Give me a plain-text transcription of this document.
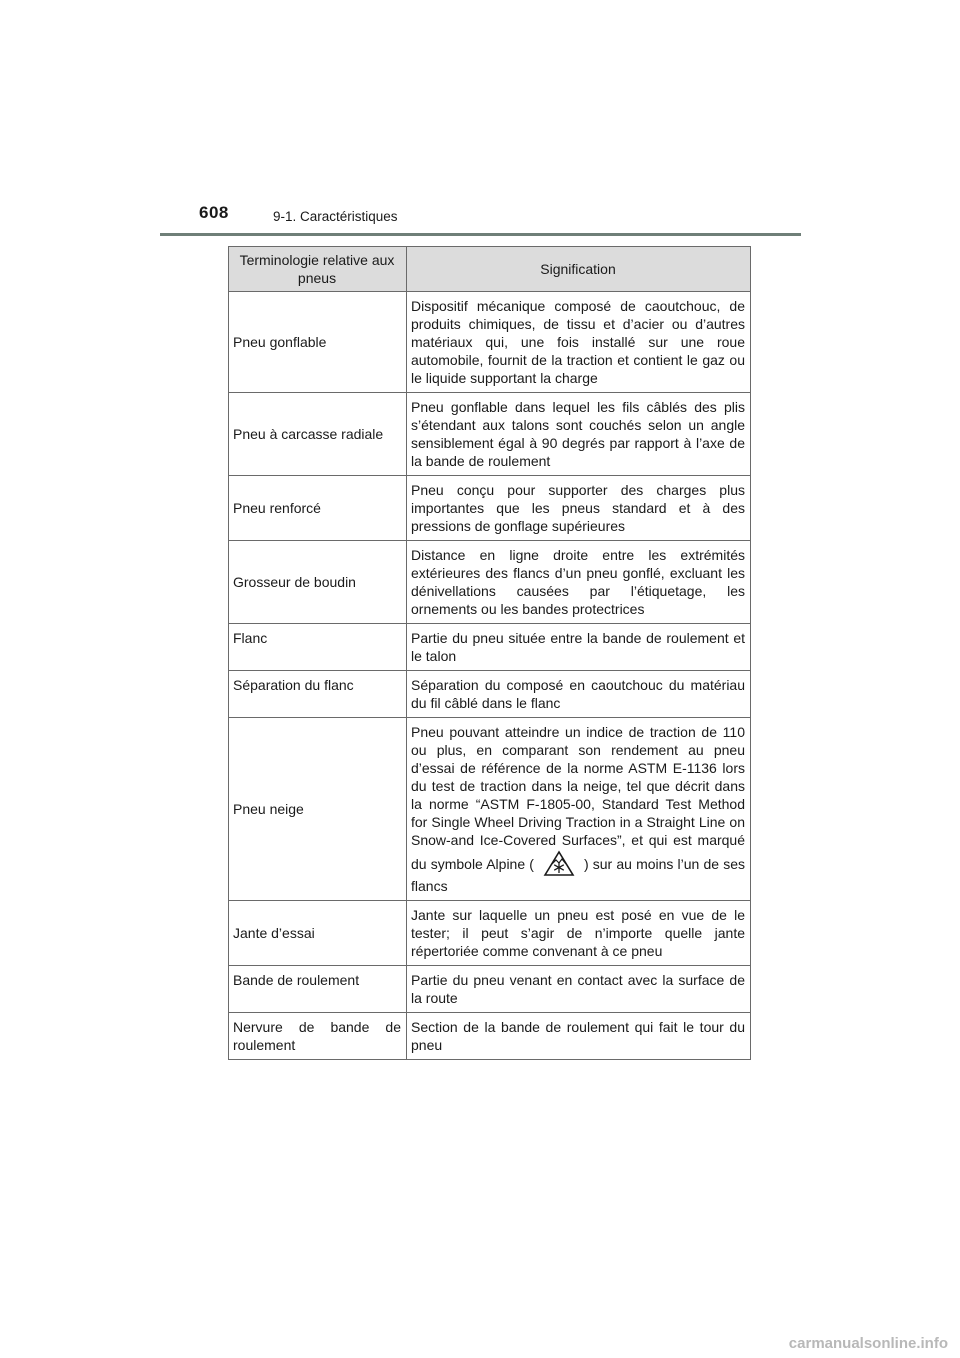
608	9-1. Caractéristiques
Terminologie relative aux pneus	Signification
Pneu gonflable	Dispositif mécanique composé de caoutchouc, de produits chimiques, de tissu et d’acier ou d’autres matériaux qui, une fois installé sur une roue automobile, fournit de la traction et contient le gaz ou le liquide supportant la charge
Pneu à carcasse radiale	Pneu gonflable dans lequel les fils câblés des plis s’étendant aux talons sont couchés selon un angle sensiblement égal à 90 degrés par rapport à l’axe de la bande de roulement
Pneu renforcé	Pneu conçu pour supporter des charges plus importantes que les pneus standard et à des pressions de gonflage supérieures
Grosseur de boudin	Distance en ligne droite entre les extrémités extérieures des flancs d’un pneu gonflé, excluant les dénivellations causées par l’étiquetage, les ornements ou les bandes protectrices
Flanc	Partie du pneu située entre la bande de roulement et le talon
Séparation du flanc	Séparation du composé en caoutchouc du matériau du fil câblé dans le flanc
Pneu neige	Pneu pouvant atteindre un indice de traction de 110 ou plus, en comparant son rendement au pneu d’essai de référence de la norme ASTM E-1136 lors du test de traction dans la neige, tel que décrit dans la norme “ASTM F-1805-00, Standard Test Method for Single Wheel Driving Traction in a Straight Line on Snow-and Ice-Covered Surfaces”, et qui est marqué du symbole Alpine ( ) sur au moins l’un de ses flancs
Jante d’essai	Jante sur laquelle un pneu est posé en vue de le tester; il peut s’agir de n’importe quelle jante répertoriée comme convenant à ce pneu
Bande de roulement	Partie du pneu venant en contact avec la surface de la route
Nervure de bande de roulement	Section de la bande de roulement qui fait le tour du pneu
carmanualsonline.info
